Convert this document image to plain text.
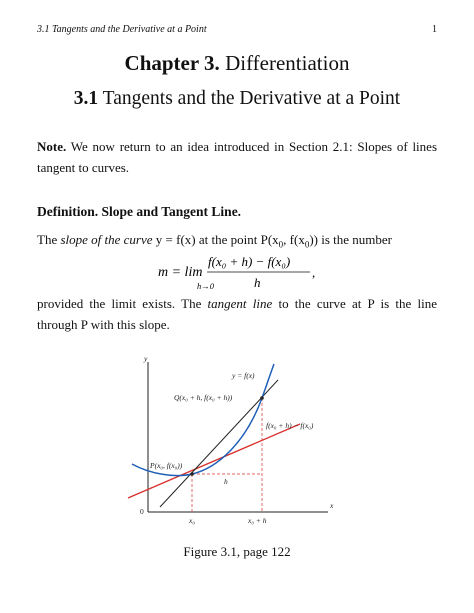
3.1 Tangents and the Derivative at a Point	1
Chapter 3. Differentiation
3.1 Tangents and the Derivative at a Point
Note. We now return to an idea introduced in Section 2.1: Slopes of lines tangent to curves.
Definition. Slope and Tangent Line.
The slope of the curve y = f(x) at the point $P(x_0$, $f(x_0)$) is the number
m = lim
h→0
f(x₀ + h) − f(x₀)
h
,
provided the limit exists. The tangent line to the curve at P is the line through P with this slope.
y
x
0
y = f(x)
Q(x₀ + h, f(x₀ + h))
f(x₀ + h) − f(x₀)
P(x₀, f(x₀))
h
x₀	x₀ + h
Figure 3.1, page 122
